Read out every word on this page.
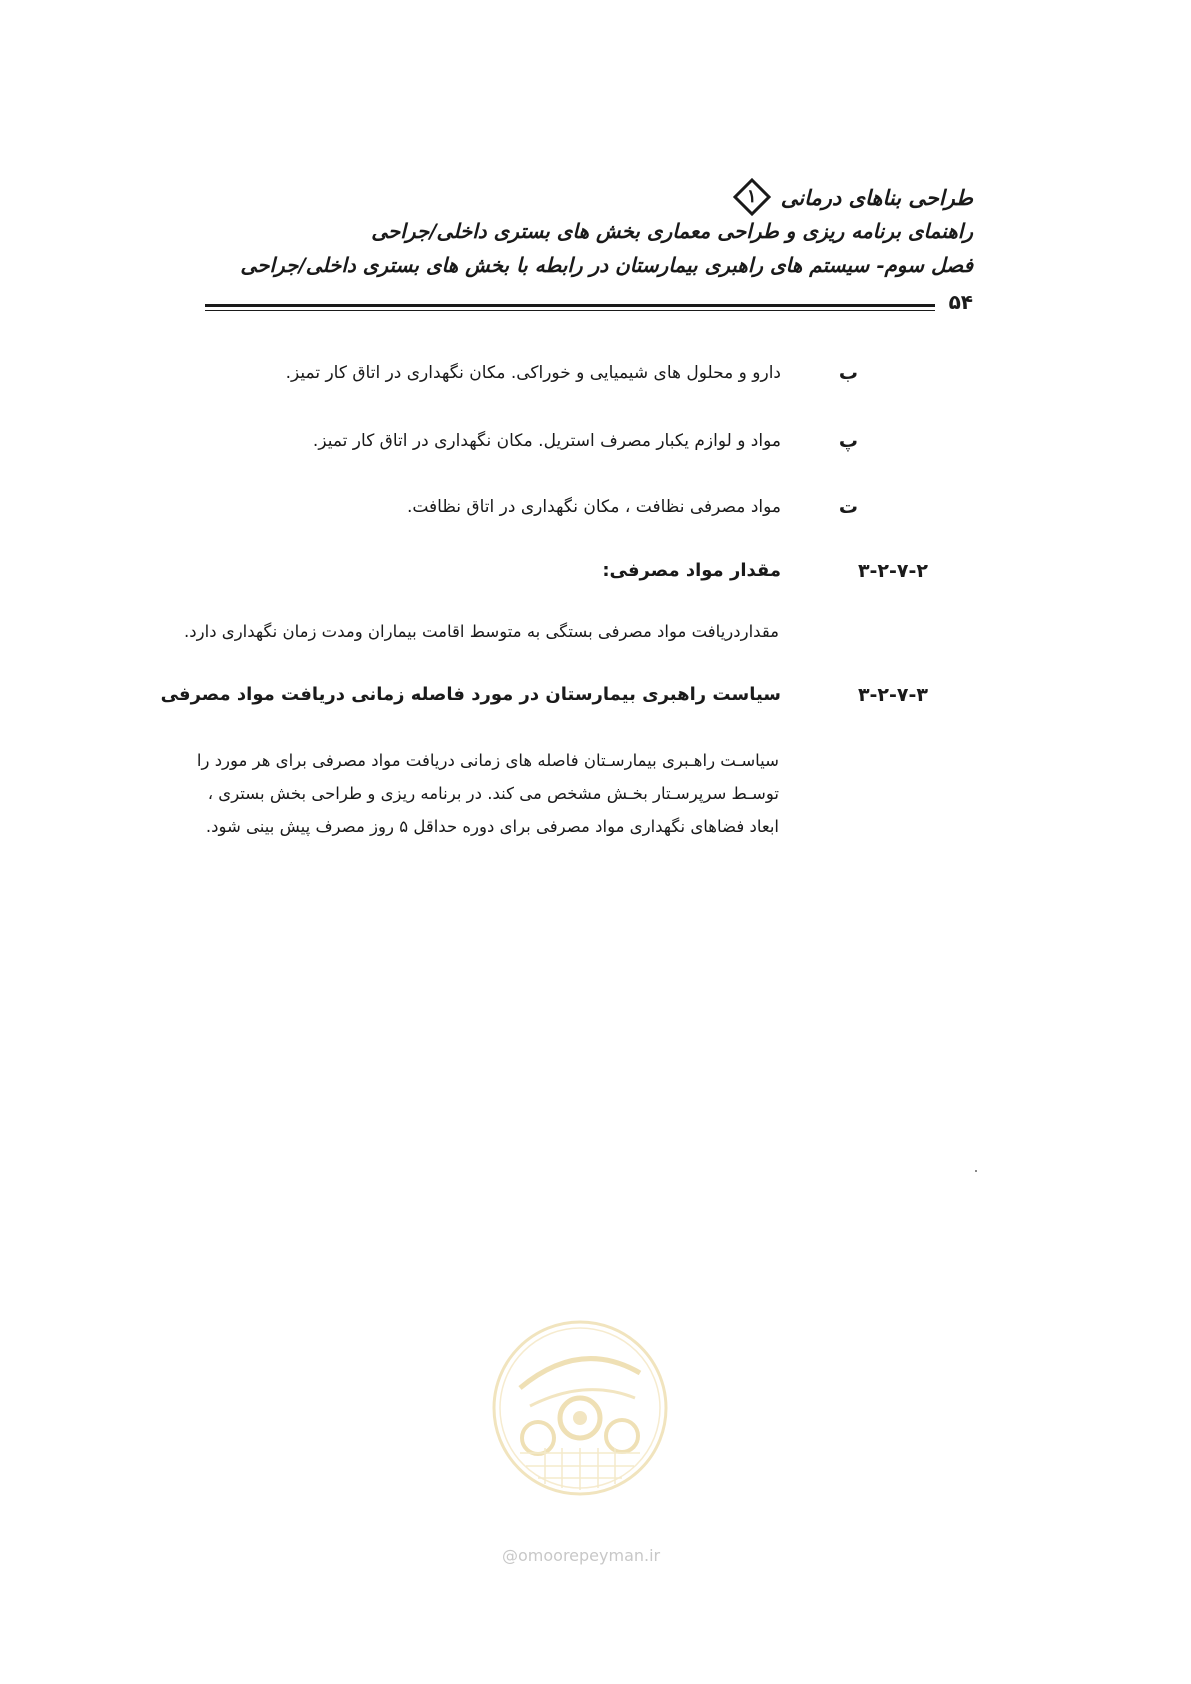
طراحی بناهای درمانی
۱
راهنمای برنامه ریزی و طراحی معماری بخش های بستری داخلی/جراحی
فصل سوم- سیستم های راهبری بیمارستان در رابطه با بخش های بستری داخلی/جراحی
۵۴
ب
دارو و محلول های شیمیایی و خوراکی. مکان نگهداری در اتاق کار تمیز.
پ
مواد و لوازم یکبار مصرف استریل. مکان نگهداری در اتاق کار تمیز.
ت
مواد مصرفی نظافت ، مکان نگهداری در اتاق نظافت.
۳-۲-۷-۲
مقدار مواد مصرفی:
مقداردریافت مواد مصرفی بستگی به متوسط اقامت بیماران ومدت زمان نگهداری دارد.
۳-۲-۷-۳
سیاست راهبری بیمارستان در مورد فاصله زمانی دریافت مواد مصرفی
سیاسـت راهـبری بیمارسـتان فاصله های زمانی دریافت مواد مصرفی برای هر مورد را
توسـط سرپرسـتار بخـش مشخص می کند. در برنامه ریزی و طراحی بخش بستری ،
ابعاد فضاهای نگهداری مواد مصرفی برای دوره حداقل ۵ روز مصرف پیش بینی شود.
@omoorepeyman.ir
